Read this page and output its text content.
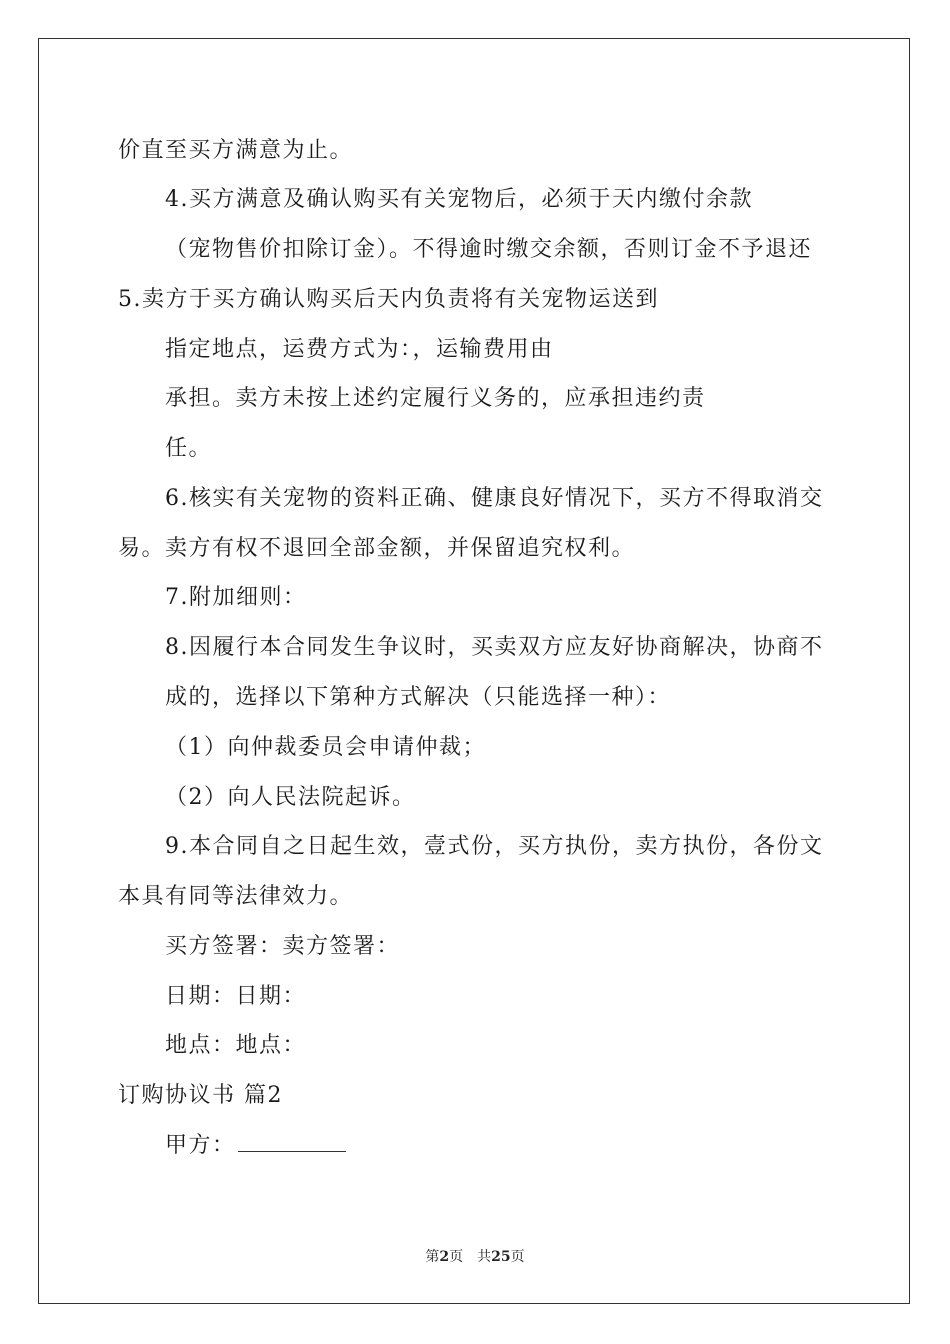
价直至买方满意为止。
4.买方满意及确认购买有关宠物后，必须于天内缴付余款
（宠物售价扣除订金）。不得逾时缴交余额，否则订金不予退还
5.卖方于买方确认购买后天内负责将有关宠物运送到
指定地点，运费方式为：，运输费用由
承担。卖方未按上述约定履行义务的，应承担违约责
任。
6.核实有关宠物的资料正确、健康良好情况下，买方不得取消交
易。卖方有权不退回全部金额，并保留追究权利。
7.附加细则：
8.因履行本合同发生争议时，买卖双方应友好协商解决，协商不
成的，选择以下第种方式解决（只能选择一种）：
（1）向仲裁委员会申请仲裁；
（2）向人民法院起诉。
9.本合同自之日起生效，壹式份，买方执份，卖方执份，各份文
本具有同等法律效力。
买方签署：卖方签署：
日期：日期：
地点：地点：
订购协议书 篇2
甲方：
第2页 共25页
